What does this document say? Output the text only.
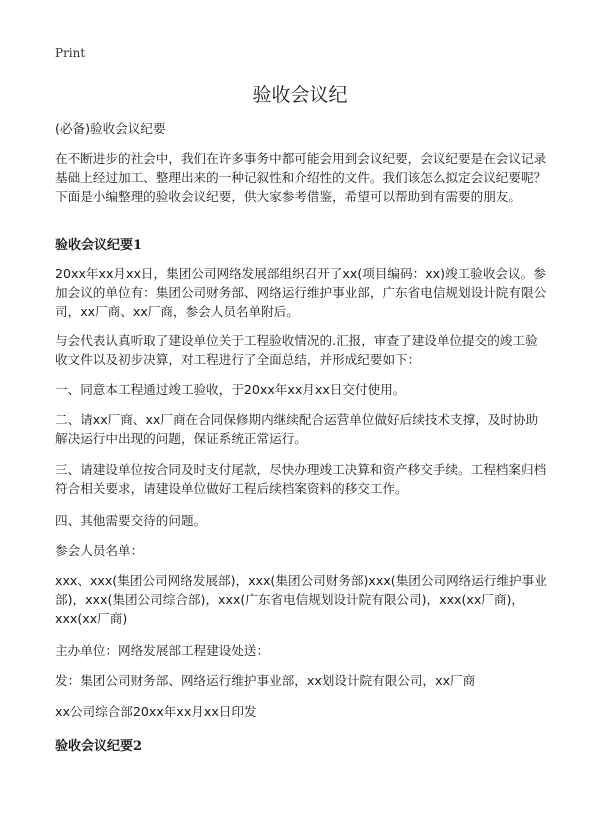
Print
验收会议纪

(必备)验收会议纪要

在不断进步的社会中，我们在许多事务中都可能会用到会议纪要，会议纪要是在会议记录基础上经过加工、整理出来的一种记叙性和介绍性的文件。我们该怎么拟定会议纪要呢？下面是小编整理的验收会议纪要，供大家参考借鉴，希望可以帮助到有需要的朋友。

验收会议纪要1

20xx年xx月xx日，集团公司网络发展部组织召开了xx(项目编码：xx)竣工验收会议。参加会议的单位有：集团公司财务部、网络运行维护事业部，广东省电信规划设计院有限公司，xx厂商、xx厂商，参会人员名单附后。

与会代表认真听取了建设单位关于工程验收情况的.汇报，审查了建设单位提交的竣工验收文件以及初步决算，对工程进行了全面总结，并形成纪要如下：

一、同意本工程通过竣工验收，于20xx年xx月xx日交付使用。

二、请xx厂商、xx厂商在合同保修期内继续配合运营单位做好后续技术支撑，及时协助解决运行中出现的问题，保证系统正常运行。

三、请建设单位按合同及时支付尾款，尽快办理竣工决算和资产移交手续。工程档案归档符合相关要求，请建设单位做好工程后续档案资料的移交工作。

四、其他需要交待的问题。

参会人员名单：

xxx、xxx(集团公司网络发展部)，xxx(集团公司财务部)xxx(集团公司网络运行维护事业部)，xxx(集团公司综合部)，xxx(广东省电信规划设计院有限公司)，xxx(xx厂商)，xxx(xx厂商)

主办单位：网络发展部工程建设处送：

发：集团公司财务部、网络运行维护事业部，xx划设计院有限公司，xx厂商

xx公司综合部20xx年xx月xx日印发

验收会议纪要2
